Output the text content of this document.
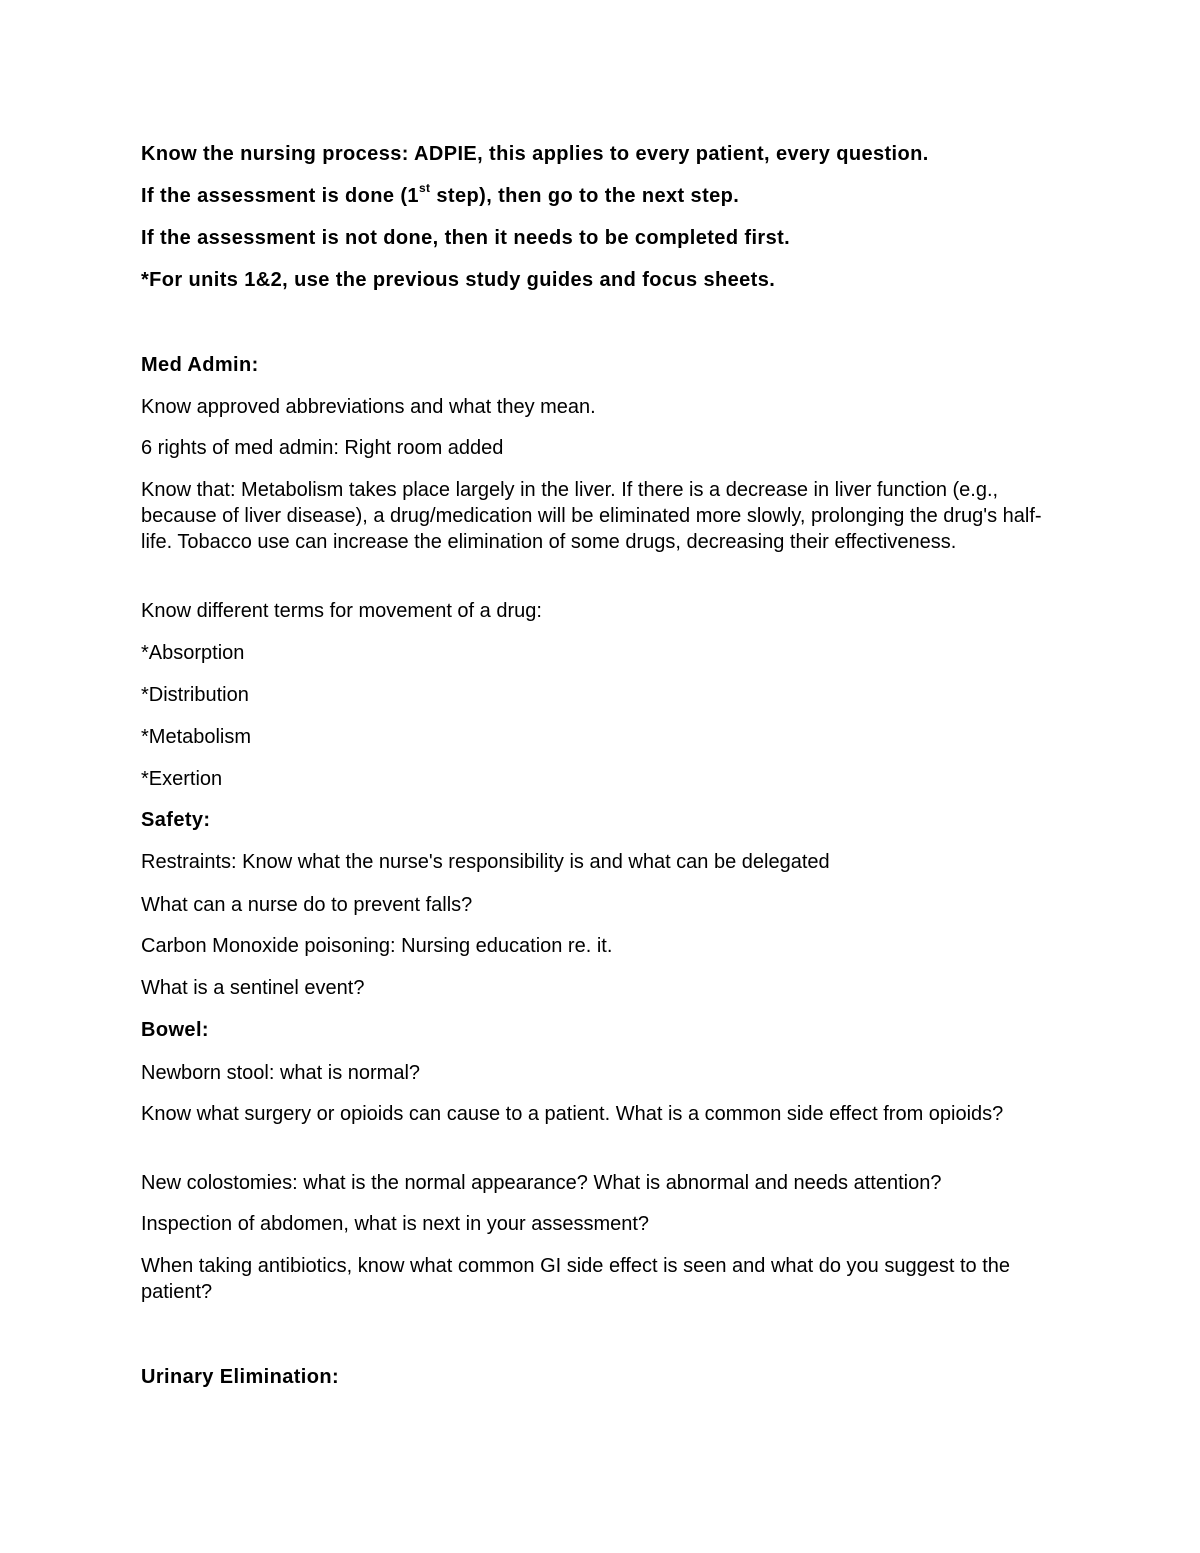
Know the nursing process: ADPIE, this applies to every patient, every question.

If the assessment is done (1st step), then go to the next step.

If the assessment is not done, then it needs to be completed first.

*For units 1&2, use the previous study guides and focus sheets.

Med Admin:

Know approved abbreviations and what they mean.

6 rights of med admin: Right room added

Know that: Metabolism takes place largely in the liver. If there is a decrease in liver function (e.g., because of liver disease), a drug/medication will be eliminated more slowly, prolonging the drug's half-life. Tobacco use can increase the elimination of some drugs, decreasing their effectiveness.

Know different terms for movement of a drug:

*Absorption

*Distribution

*Metabolism

*Exertion

Safety:

Restraints: Know what the nurse's responsibility is and what can be delegated

What can a nurse do to prevent falls?

Carbon Monoxide poisoning: Nursing education re. it.

What is a sentinel event?

Bowel:

Newborn stool: what is normal?

Know what surgery or opioids can cause to a patient. What is a common side effect from opioids?

New colostomies: what is the normal appearance? What is abnormal and needs attention?

Inspection of abdomen, what is next in your assessment?

When taking antibiotics, know what common GI side effect is seen and what do you suggest to the patient?

Urinary Elimination:
